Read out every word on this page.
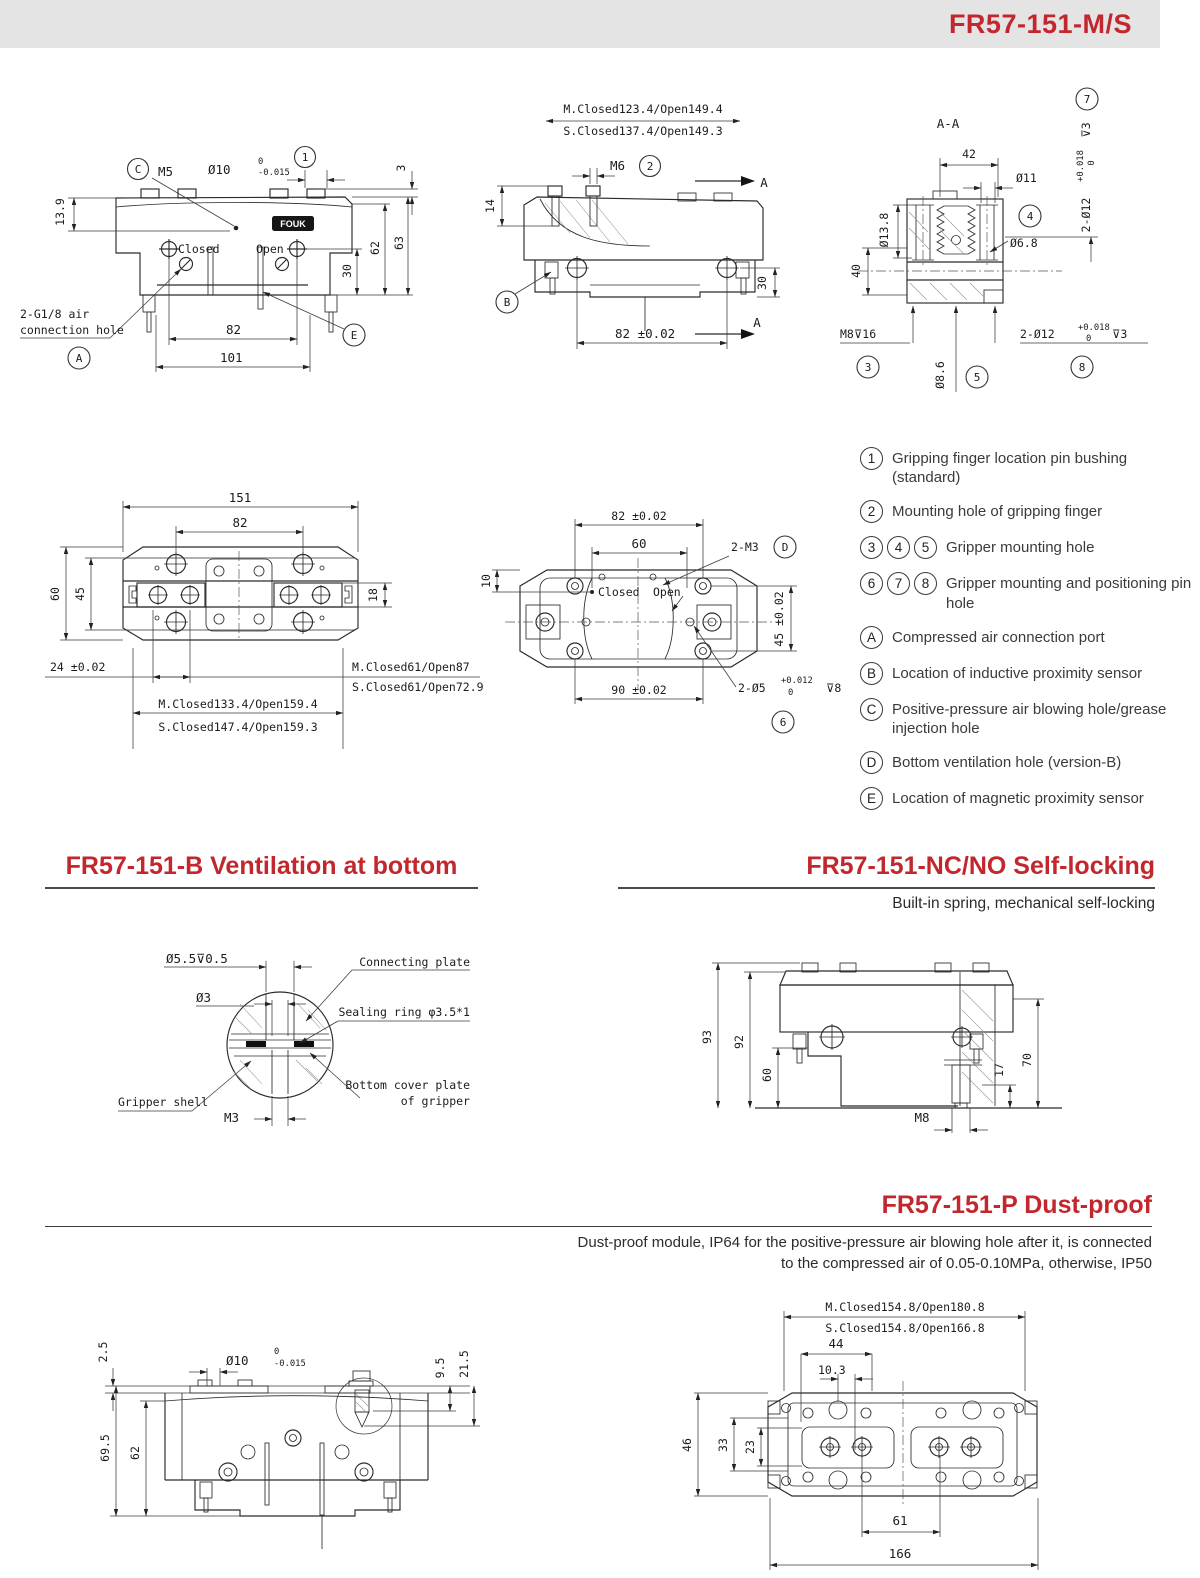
FR57-151-M/S
FOUK
13.9
C M5	Ø10	0
-0.015
1
3
62 63
30
Closed	Open
82
101
2-G1/8 air
connection hole
A
E
M.Closed123.4/Open149.4
S.Closed137.4/Open149.3
M6 2
14
B
30
82 ±0.02
A
A
A-A
7
42
Ø11
Ø13.8	4
Ø6.8
40
2-Ø12
+0.018 0
⊽3
M8⊽16
3	Ø8.6 5
2-Ø12	+0.018
0 ⊽3
8
151
82
60 45	18
24 ±0.02	M.Closed61/Open87
S.Closed61/Open72.9
M.Closed133.4/Open159.4
S.Closed147.4/Open159.3
10
82 ±0.02
60	2-M3 D
Closed Open	45 ±0.02
90 ±0.02	2-Ø5 +0.012
0	⊽8
6
1	Gripping finger location pin bushing (standard)
2	Mounting hole of gripping finger
3	4	5	Gripper mounting hole
6	7	8	Gripper mounting and positioning pin hole
A	Compressed air connection port
B	Location of inductive proximity sensor
C	Positive-pressure air blowing hole/grease injection hole
D	Bottom ventilation hole (version-B)
E	Location of magnetic proximity sensor
FR57-151-B Ventilation at bottom	FR57-151-NC/NO Self-locking
Built-in spring, mechanical self-locking
Ø5.5⊽0.5
Ø3
Connecting plate
Sealing ring φ3.5*1
Gripper shell
M3
Bottom cover plate
of gripper
93 92
60	17
70
M8
FR57-151-P Dust-proof
Dust-proof module, IP64 for the positive-pressure air blowing hole after it, is connected
to the compressed air of 0.05-0.10MPa, otherwise, IP50
2.5	Ø10
0
-0.015	9.5 21.5
69.5 62
M.Closed154.8/Open180.8
S.Closed154.8/Open166.8
44
10.3
46 33 23
61
166
